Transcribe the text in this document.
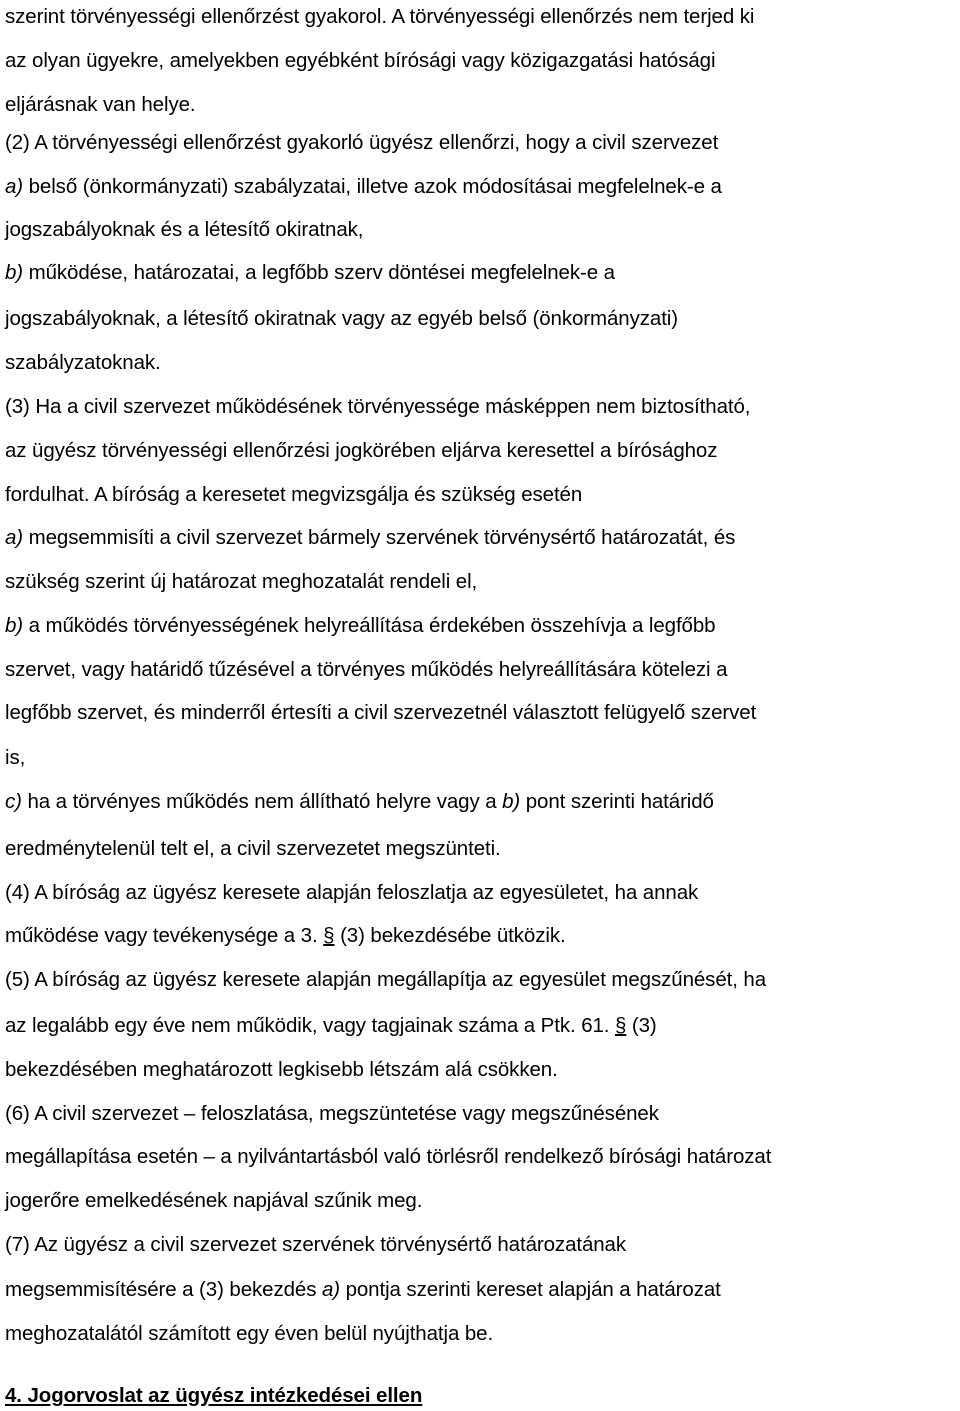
szerint törvényességi ellenőrzést gyakorol. A törvényességi ellenőrzés nem terjed ki
az olyan ügyekre, amelyekben egyébként bírósági vagy közigazgatási hatósági
eljárásnak van helye.
(2) A törvényességi ellenőrzést gyakorló ügyész ellenőrzi, hogy a civil szervezet
a) belső (önkormányzati) szabályzatai, illetve azok módosításai megfelelnek-e a
jogszabályoknak és a létesítő okiratnak,
b) működése, határozatai, a legfőbb szerv döntései megfelelnek-e a
jogszabályoknak, a létesítő okiratnak vagy az egyéb belső (önkormányzati)
szabályzatoknak.
(3) Ha a civil szervezet működésének törvényessége másképpen nem biztosítható,
az ügyész törvényességi ellenőrzési jogkörében eljárva keresettel a bírósághoz
fordulhat. A bíróság a keresetet megvizsgálja és szükség esetén
a) megsemmisíti a civil szervezet bármely szervének törvénysértő határozatát, és
szükség szerint új határozat meghozatalát rendeli el,
b) a működés törvényességének helyreállítása érdekében összehívja a legfőbb
szervet, vagy határidő tűzésével a törvényes működés helyreállítására kötelezi a
legfőbb szervet, és minderről értesíti a civil szervezetnél választott felügyelő szervet
is,
c) ha a törvényes működés nem állítható helyre vagy a b) pont szerinti határidő
eredménytelenül telt el, a civil szervezetet megszünteti.
(4) A bíróság az ügyész keresete alapján feloszlatja az egyesületet, ha annak
működése vagy tevékenysége a 3. § (3) bekezdésébe ütközik.
(5) A bíróság az ügyész keresete alapján megállapítja az egyesület megszűnését, ha
az legalább egy éve nem működik, vagy tagjainak száma a Ptk. 61. § (3)
bekezdésében meghatározott legkisebb létszám alá csökken.
(6) A civil szervezet – feloszlatása, megszüntetése vagy megszűnésének
megállapítása esetén – a nyilvántartásból való törlésről rendelkező bírósági határozat
jogerőre emelkedésének napjával szűnik meg.
(7) Az ügyész a civil szervezet szervének törvénysértő határozatának
megsemmisítésére a (3) bekezdés a) pontja szerinti kereset alapján a határozat
meghozatalától számított egy éven belül nyújthatja be.
4. Jogorvoslat az ügyész intézkedései ellen
